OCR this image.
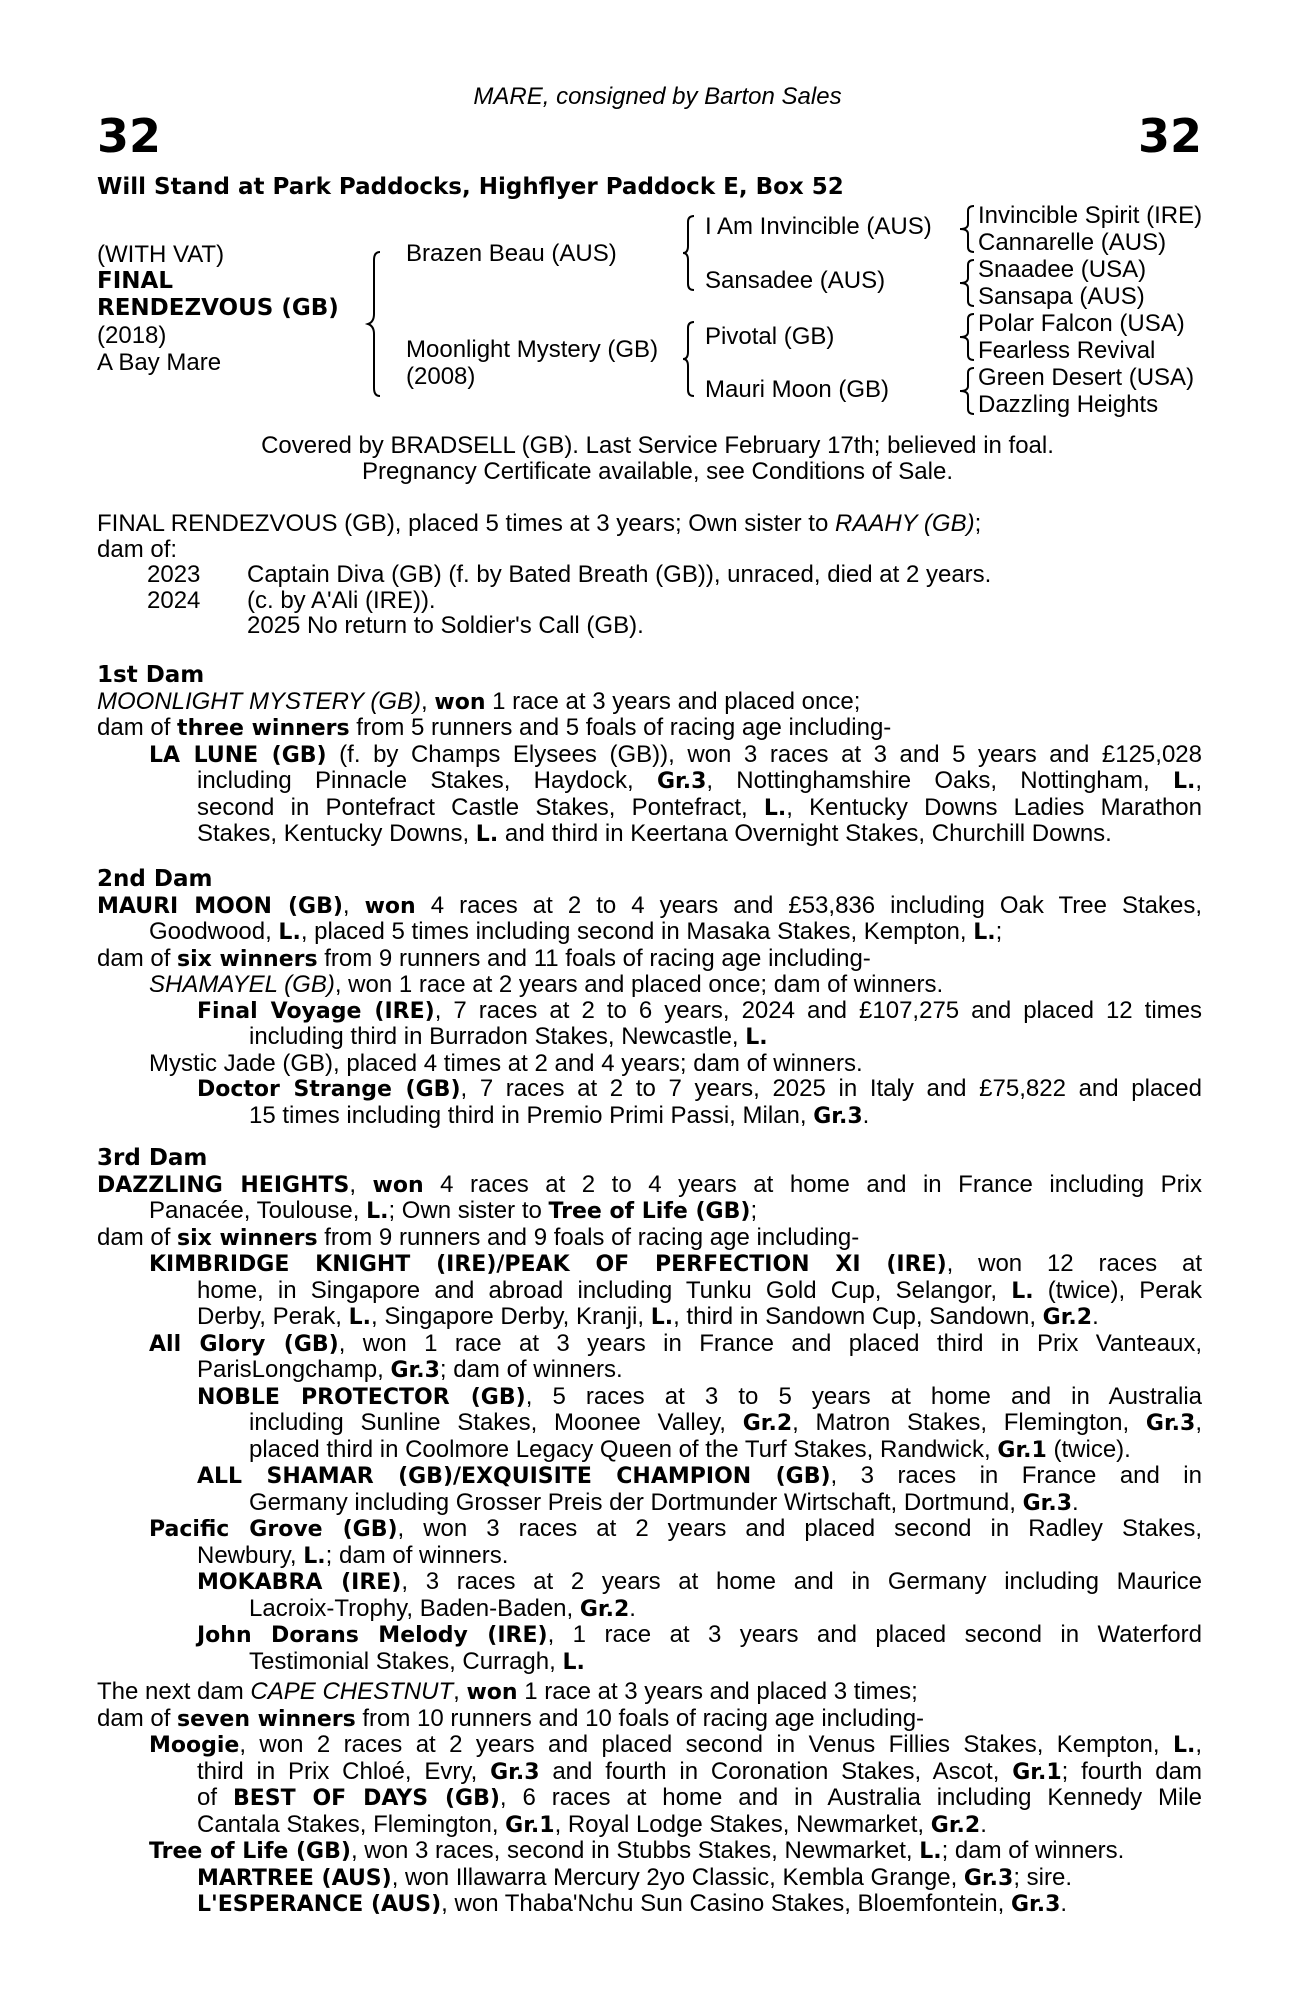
MARE, consigned by Barton Sales
32	32
Will Stand at Park Paddocks, Highflyer Paddock E, Box 52
(WITH VAT)
FINAL
RENDEZVOUS (GB)
(2018)
A Bay Mare
Brazen Beau (AUS)
Moonlight Mystery (GB)
(2008)
I Am Invincible (AUS)
Sansadee (AUS)
Pivotal (GB)
Mauri Moon (GB)
Invincible Spirit (IRE)
Cannarelle (AUS)
Snaadee (USA)
Sansapa (AUS)
Polar Falcon (USA)
Fearless Revival
Green Desert (USA)
Dazzling Heights
Covered by BRADSELL (GB). Last Service February 17th; believed in foal.
Pregnancy Certificate available, see Conditions of Sale.
FINAL RENDEZVOUS (GB), placed 5 times at 3 years; Own sister to RAAHY (GB);
dam of:
2023 Captain Diva (GB) (f. by Bated Breath (GB)), unraced, died at 2 years.
2024 (c. by A'Ali (IRE)).
2025 No return to Soldier's Call (GB).
1st Dam
MOONLIGHT MYSTERY (GB), won 1 race at 3 years and placed once;
dam of three winners from 5 runners and 5 foals of racing age including-
LA LUNE (GB) (f. by Champs Elysees (GB)), won 3 races at 3 and 5 years and £125,028
including Pinnacle Stakes, Haydock, Gr.3, Nottinghamshire Oaks, Nottingham, L.,
second in Pontefract Castle Stakes, Pontefract, L., Kentucky Downs Ladies Marathon
Stakes, Kentucky Downs, L. and third in Keertana Overnight Stakes, Churchill Downs.
2nd Dam
MAURI MOON (GB), won 4 races at 2 to 4 years and £53,836 including Oak Tree Stakes,
Goodwood, L., placed 5 times including second in Masaka Stakes, Kempton, L.;
dam of six winners from 9 runners and 11 foals of racing age including-
SHAMAYEL (GB), won 1 race at 2 years and placed once; dam of winners.
Final Voyage (IRE), 7 races at 2 to 6 years, 2024 and £107,275 and placed 12 times
including third in Burradon Stakes, Newcastle, L.
Mystic Jade (GB), placed 4 times at 2 and 4 years; dam of winners.
Doctor Strange (GB), 7 races at 2 to 7 years, 2025 in Italy and £75,822 and placed
15 times including third in Premio Primi Passi, Milan, Gr.3.
3rd Dam
DAZZLING HEIGHTS, won 4 races at 2 to 4 years at home and in France including Prix
Panacée, Toulouse, L.; Own sister to Tree of Life (GB);
dam of six winners from 9 runners and 9 foals of racing age including-
KIMBRIDGE KNIGHT (IRE)/PEAK OF PERFECTION XI (IRE), won 12 races at
home, in Singapore and abroad including Tunku Gold Cup, Selangor, L. (twice), Perak
Derby, Perak, L., Singapore Derby, Kranji, L., third in Sandown Cup, Sandown, Gr.2.
All Glory (GB), won 1 race at 3 years in France and placed third in Prix Vanteaux,
ParisLongchamp, Gr.3; dam of winners.
NOBLE PROTECTOR (GB), 5 races at 3 to 5 years at home and in Australia
including Sunline Stakes, Moonee Valley, Gr.2, Matron Stakes, Flemington, Gr.3,
placed third in Coolmore Legacy Queen of the Turf Stakes, Randwick, Gr.1 (twice).
ALL SHAMAR (GB)/EXQUISITE CHAMPION (GB), 3 races in France and in
Germany including Grosser Preis der Dortmunder Wirtschaft, Dortmund, Gr.3.
Pacific Grove (GB), won 3 races at 2 years and placed second in Radley Stakes,
Newbury, L.; dam of winners.
MOKABRA (IRE), 3 races at 2 years at home and in Germany including Maurice
Lacroix-Trophy, Baden-Baden, Gr.2.
John Dorans Melody (IRE), 1 race at 3 years and placed second in Waterford
Testimonial Stakes, Curragh, L.
The next dam CAPE CHESTNUT, won 1 race at 3 years and placed 3 times;
dam of seven winners from 10 runners and 10 foals of racing age including-
Moogie, won 2 races at 2 years and placed second in Venus Fillies Stakes, Kempton, L.,
third in Prix Chloé, Evry, Gr.3 and fourth in Coronation Stakes, Ascot, Gr.1; fourth dam
of BEST OF DAYS (GB), 6 races at home and in Australia including Kennedy Mile
Cantala Stakes, Flemington, Gr.1, Royal Lodge Stakes, Newmarket, Gr.2.
Tree of Life (GB), won 3 races, second in Stubbs Stakes, Newmarket, L.; dam of winners.
MARTREE (AUS), won Illawarra Mercury 2yo Classic, Kembla Grange, Gr.3; sire.
L'ESPERANCE (AUS), won Thaba'Nchu Sun Casino Stakes, Bloemfontein, Gr.3.
